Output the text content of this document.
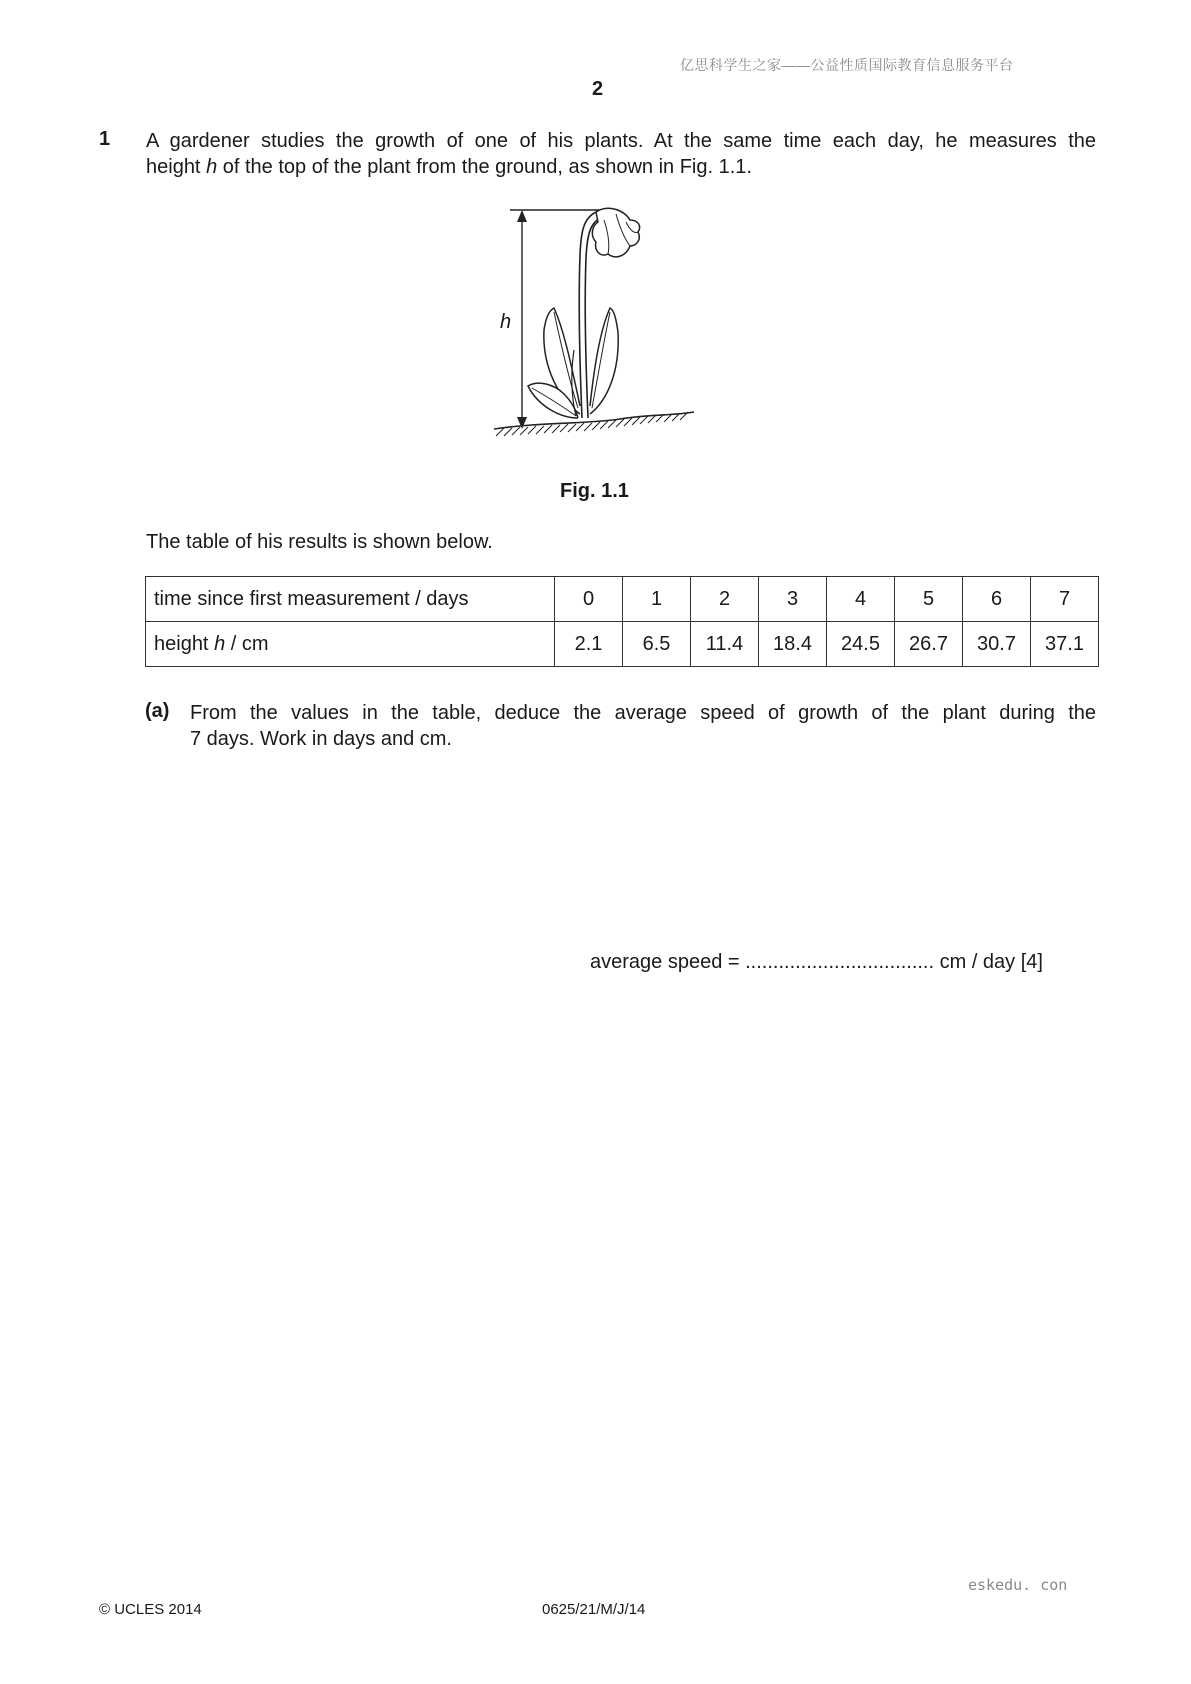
亿思科学生之家——公益性质国际教育信息服务平台
2
1 A gardener studies the growth of one of his plants. At the same time each day, he measures the
height h of the top of the plant from the ground, as shown in Fig. 1.1.
h
Fig. 1.1
The table of his results is shown below.
time since first measurement / days	0	1	2	3	4	5	6	7
height h / cm	2.1	6.5	11.4	18.4	24.5	26.7	30.7	37.1
(a) From the values in the table, deduce the average speed of growth of the plant during the
7 days. Work in days and cm.
average speed = .................................. cm / day [4]
eskedu. con
© UCLES 2014	0625/21/M/J/14
